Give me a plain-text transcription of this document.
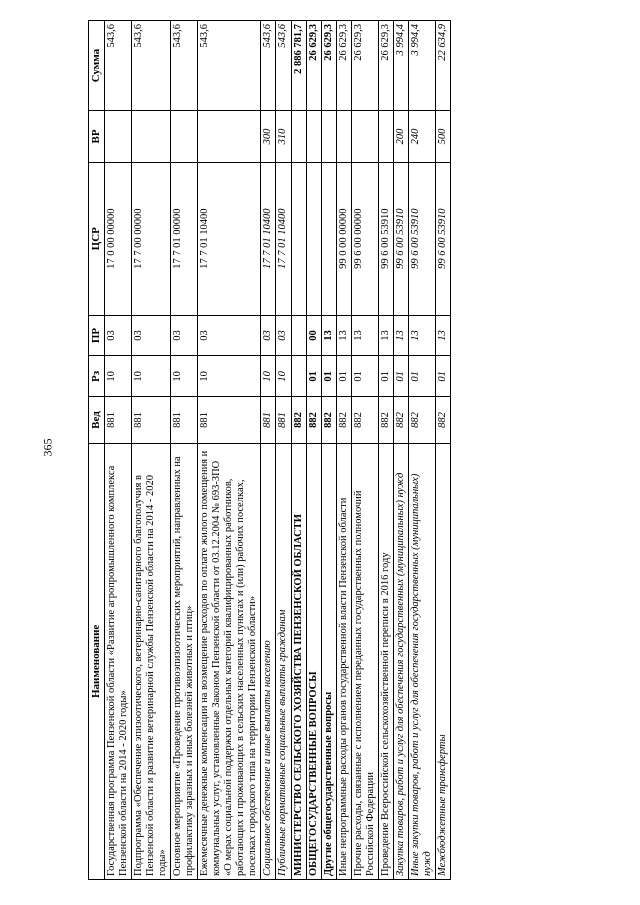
365
Наименование	Вед	Рз	ПР	ЦСР	ВР	Сумма
Государственная программа Пензенской области «Развитие агропромышленного комплекса Пензенской области на 2014 - 2020 годы»	881	10	03	17 0 00 00000		543,6
Подпрограмма «Обеспечение эпизоотического, ветеринарно-санитарного благополучия в Пензенской области и развитие ветеринарной службы Пензенской области на 2014 - 2020 годы»	881	10	03	17 7 00 00000		543,6
Основное мероприятие «Проведение противоэпизоотических мероприятий, направленных на профилактику заразных и иных болезней животных и птиц»	881	10	03	17 7 01 00000		543,6
Ежемесячные денежные компенсации на возмещение расходов по оплате жилого помещения и коммунальных услуг, установленные Законом Пензенской области от 03.12.2004 № 693-ЗПО «О мерах социальной поддержки отдельных категорий квалифицированных работников, работающих и проживающих в сельских населенных пунктах и (или) рабочих поселках, поселках городского типа на территории Пензенской области»	881	10	03	17 7 01 10400		543,6
Социальное обеспечение и иные выплаты населению	881	10	03	17 7 01 10400	300	543,6
Публичные нормативные социальные выплаты гражданам	881	10	03	17 7 01 10400	310	543,6
МИНИСТЕРСТВО СЕЛЬСКОГО ХОЗЯЙСТВА ПЕНЗЕНСКОЙ ОБЛАСТИ	882					2 886 781,7
ОБЩЕГОСУДАРСТВЕННЫЕ ВОПРОСЫ	882	01	00			26 629,3
Другие общегосударственные вопросы	882	01	13			26 629,3
Иные непрограммные расходы органов государственной власти Пензенской области	882	01	13	99 0 00 00000		26 629,3
Прочие расходы, связанные с исполнением переданных государственных полномочий Российской Федерации	882	01	13	99 6 00 00000		26 629,3
Проведение Всероссийской сельскохозяйственной переписи в 2016 году	882	01	13	99 6 00 53910		26 629,3
Закупка товаров, работ и услуг для обеспечения государственных (муниципальных) нужд	882	01	13	99 6 00 53910	200	3 994,4
Иные закупки товаров, работ и услуг для обеспечения государственных (муниципальных) нужд	882	01	13	99 6 00 53910	240	3 994,4
Межбюджетные трансферты	882	01	13	99 6 00 53910	500	22 634,9
